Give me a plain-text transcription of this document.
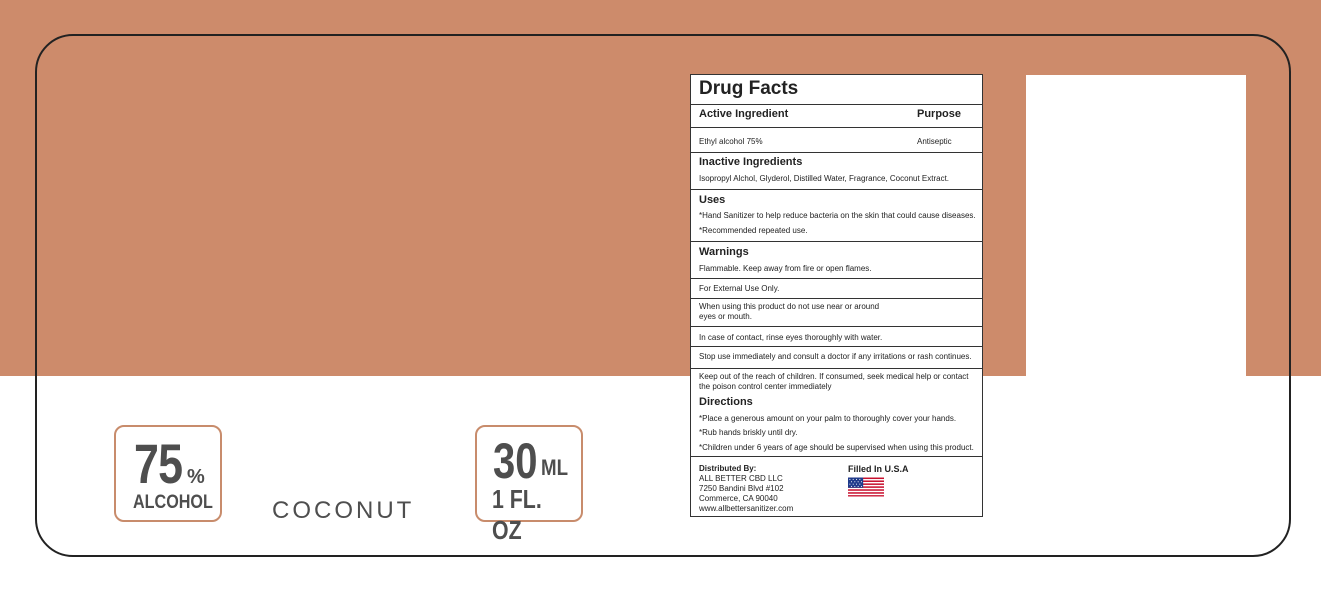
Drug Facts
Active Ingredient	Purpose
Ethyl alcohol 75%	Antiseptic
Inactive Ingredients
Isopropyl Alchol, Glyderol, Distilled Water, Fragrance, Coconut Extract.
Uses
*Hand Sanitizer to help reduce bacteria on the skin that could cause diseases.
*Recommended repeated use.
Warnings
Flammable. Keep away from fire or open flames.
For External Use Only.
When using this product do not use near or around
eyes or mouth.
In case of contact, rinse eyes thoroughly with water.
Stop use immediately and consult a doctor if any irritations or rash continues.
Keep out of the reach of children. If consumed, seek medical help or contact
the poison control center immediately
Directions
*Place a generous amount on your palm to thoroughly cover your hands.
*Rub hands briskly until dry.
*Children under 6 years of age should be supervised when using this product.
Distributed By:
ALL BETTER CBD LLC
7250 Bandini Blvd #102
Commerce, CA 90040
www.allbettersanitizer.com
Filled In U.S.A
75 %
ALCOHOL COCONUT
30 ML
1 FL. OZ
